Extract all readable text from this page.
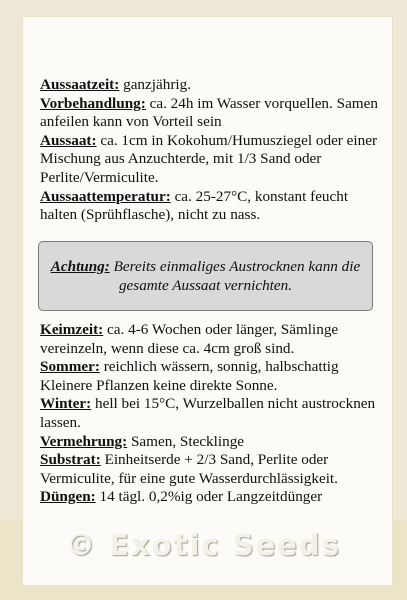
Aussaatzeit: ganzjährig.

Vorbehandlung: ca. 24h im Wasser vorquellen. Samen anfeilen kann von Vorteil sein

Aussaat: ca. 1cm in Kokohum/Humusziegel oder einer Mischung aus Anzuchterde, mit 1/3 Sand oder Perlite/Vermiculite.

Aussaattemperatur: ca. 25-27°C, konstant feucht halten (Sprühflasche), nicht zu nass.

Achtung: Bereits einmaliges Austrocknen kann die gesamte Aussaat vernichten.

Keimzeit: ca. 4-6 Wochen oder länger, Sämlinge vereinzeln, wenn diese ca. 4cm groß sind.

Sommer: reichlich wässern, sonnig, halbschattig Kleinere Pflanzen keine direkte Sonne.

Winter: hell bei 15°C, Wurzelballen nicht austrocknen lassen.

Vermehrung: Samen, Stecklinge

Substrat: Einheitserde + 2/3 Sand, Perlite oder Vermiculite, für eine gute Wasserdurchlässigkeit.

Düngen: 14 tägl. 0,2%ig oder Langzeitdünger

© Exotic Seeds
